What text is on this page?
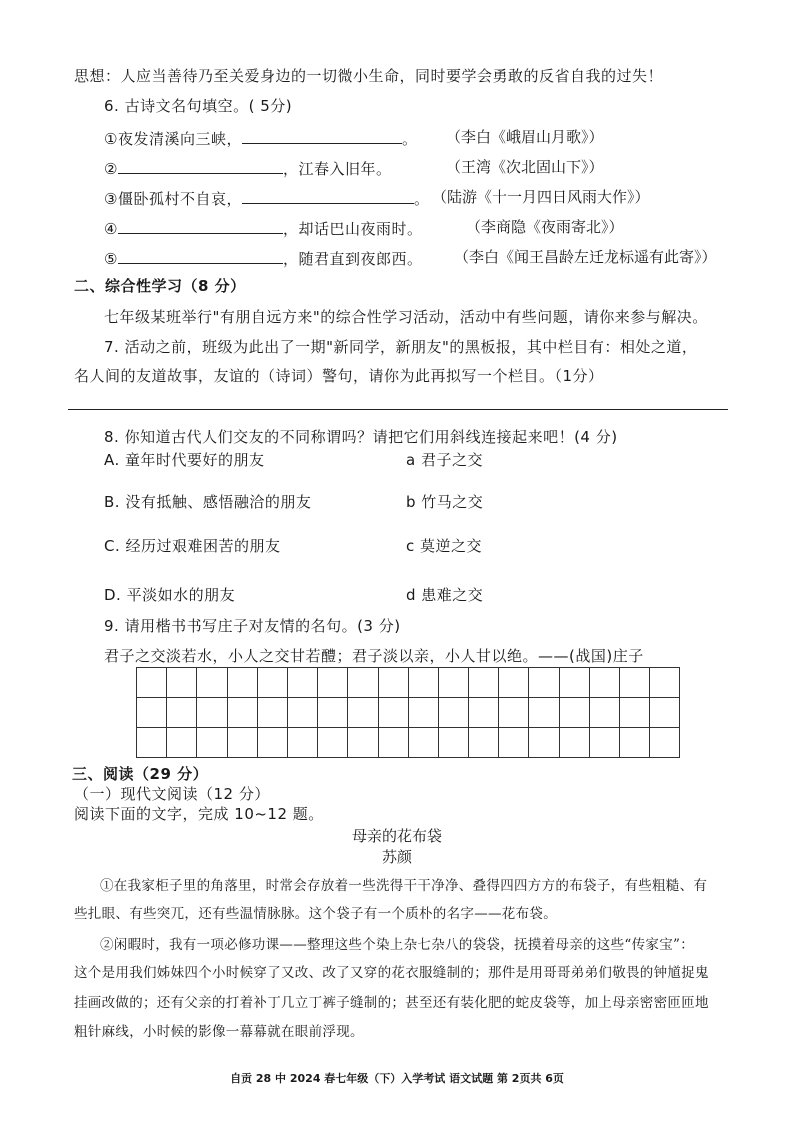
思想：人应当善待乃至关爱身边的一切微小生命，同时要学会勇敢的反省自我的过失！
6. 古诗文名句填空。( 5分)
①夜发清溪向三峡，	。 （李白《峨眉山月歌》）
②	，江春入旧年。	（王湾《次北固山下》）
③僵卧孤村不自哀，	。 （陆游《十一月四日风雨大作》）
④	，却话巴山夜雨时。	（李商隐《夜雨寄北》）
⑤	，随君直到夜郎西。 （李白《闻王昌龄左迁龙标遥有此寄》）
二、综合性学习（8 分）
七年级某班举行"有朋自远方来"的综合性学习活动，活动中有些问题，请你来参与解决。
7. 活动之前，班级为此出了一期"新同学，新朋友"的黑板报，其中栏目有：相处之道，
名人间的友道故事，友谊的（诗词）警句，请你为此再拟写一个栏目。（1分）
8. 你知道古代人们交友的不同称谓吗？请把它们用斜线连接起来吧！(4 分)
A. 童年时代要好的朋友	a 君子之交
B. 没有抵触、感悟融洽的朋友	b 竹马之交
C. 经历过艰难困苦的朋友	c 莫逆之交
D. 平淡如水的朋友	d 患难之交
9. 请用楷书书写庄子对友情的名句。(3 分)
君子之交淡若水，小人之交甘若醴；君子淡以亲，小人甘以绝。——(战国)庄子

三、阅读（29 分）
（一）现代文阅读（12 分）
阅读下面的文字，完成 10~12 题。
母亲的花布袋
苏颜
①在我家柜子里的角落里，时常会存放着一些洗得干干净净、叠得四四方方的布袋子，有些粗糙、有
些扎眼、有些突兀，还有些温情脉脉。这个袋子有一个质朴的名字——花布袋。
②闲暇时，我有一项必修功课——整理这些个染上杂七杂八的袋袋，抚摸着母亲的这些“传家宝”：
这个是用我们姊妹四个小时候穿了又改、改了又穿的花衣服缝制的；那件是用哥哥弟弟们敬畏的钟馗捉鬼
挂画改做的；还有父亲的打着补丁几立丁裤子缝制的；甚至还有装化肥的蛇皮袋等，加上母亲密密匝匝地
粗针麻线，小时候的影像一幕幕就在眼前浮现。
自贡 28 中 2024 春七年级（下）入学考试 语文试题 第 2页共 6页
